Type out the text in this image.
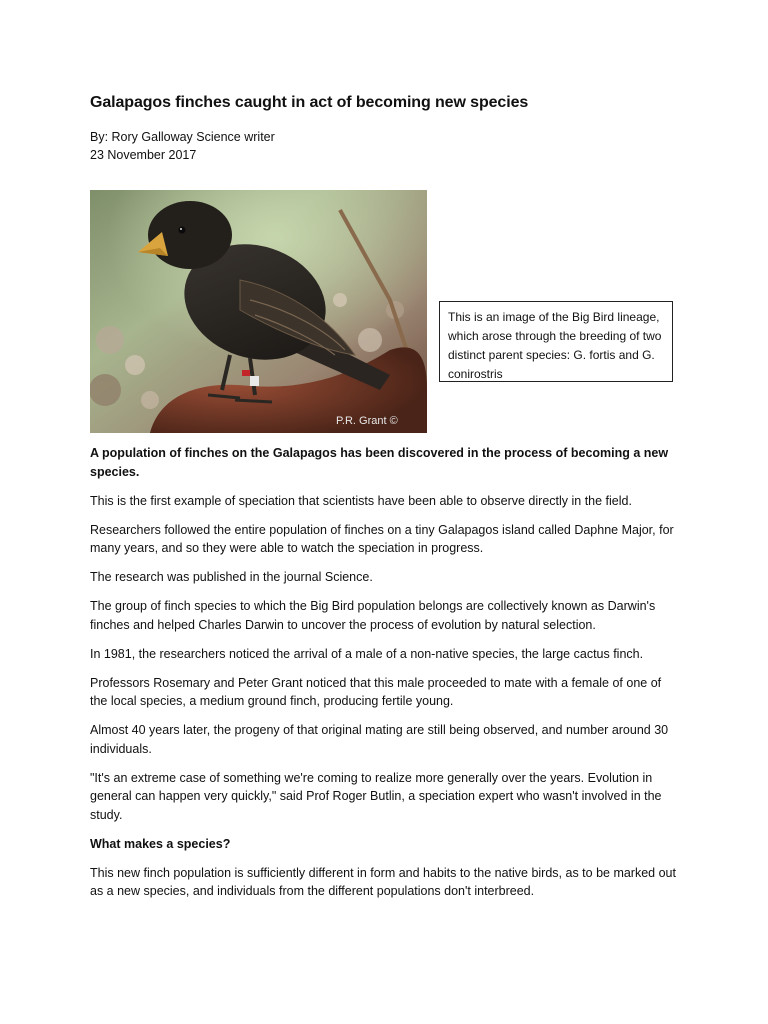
Galapagos finches caught in act of becoming new species
By: Rory Galloway Science writer
23 November 2017
P.R. Grant ©
This is an image of the Big Bird lineage, which arose through the breeding of two distinct parent species: G. fortis and G. conirostris

A population of finches on the Galapagos has been discovered in the process of becoming a new species.

This is the first example of speciation that scientists have been able to observe directly in the field.

Researchers followed the entire population of finches on a tiny Galapagos island called Daphne Major, for many years, and so they were able to watch the speciation in progress.

The research was published in the journal Science.

The group of finch species to which the Big Bird population belongs are collectively known as Darwin's finches and helped Charles Darwin to uncover the process of evolution by natural selection.

In 1981, the researchers noticed the arrival of a male of a non-native species, the large cactus finch.

Professors Rosemary and Peter Grant noticed that this male proceeded to mate with a female of one of the local species, a medium ground finch, producing fertile young.

Almost 40 years later, the progeny of that original mating are still being observed, and number around 30 individuals.

"It's an extreme case of something we're coming to realize more generally over the years. Evolution in general can happen very quickly," said Prof Roger Butlin, a speciation expert who wasn't involved in the study.

What makes a species?

This new finch population is sufficiently different in form and habits to the native birds, as to be marked out as a new species, and individuals from the different populations don't interbreed.
